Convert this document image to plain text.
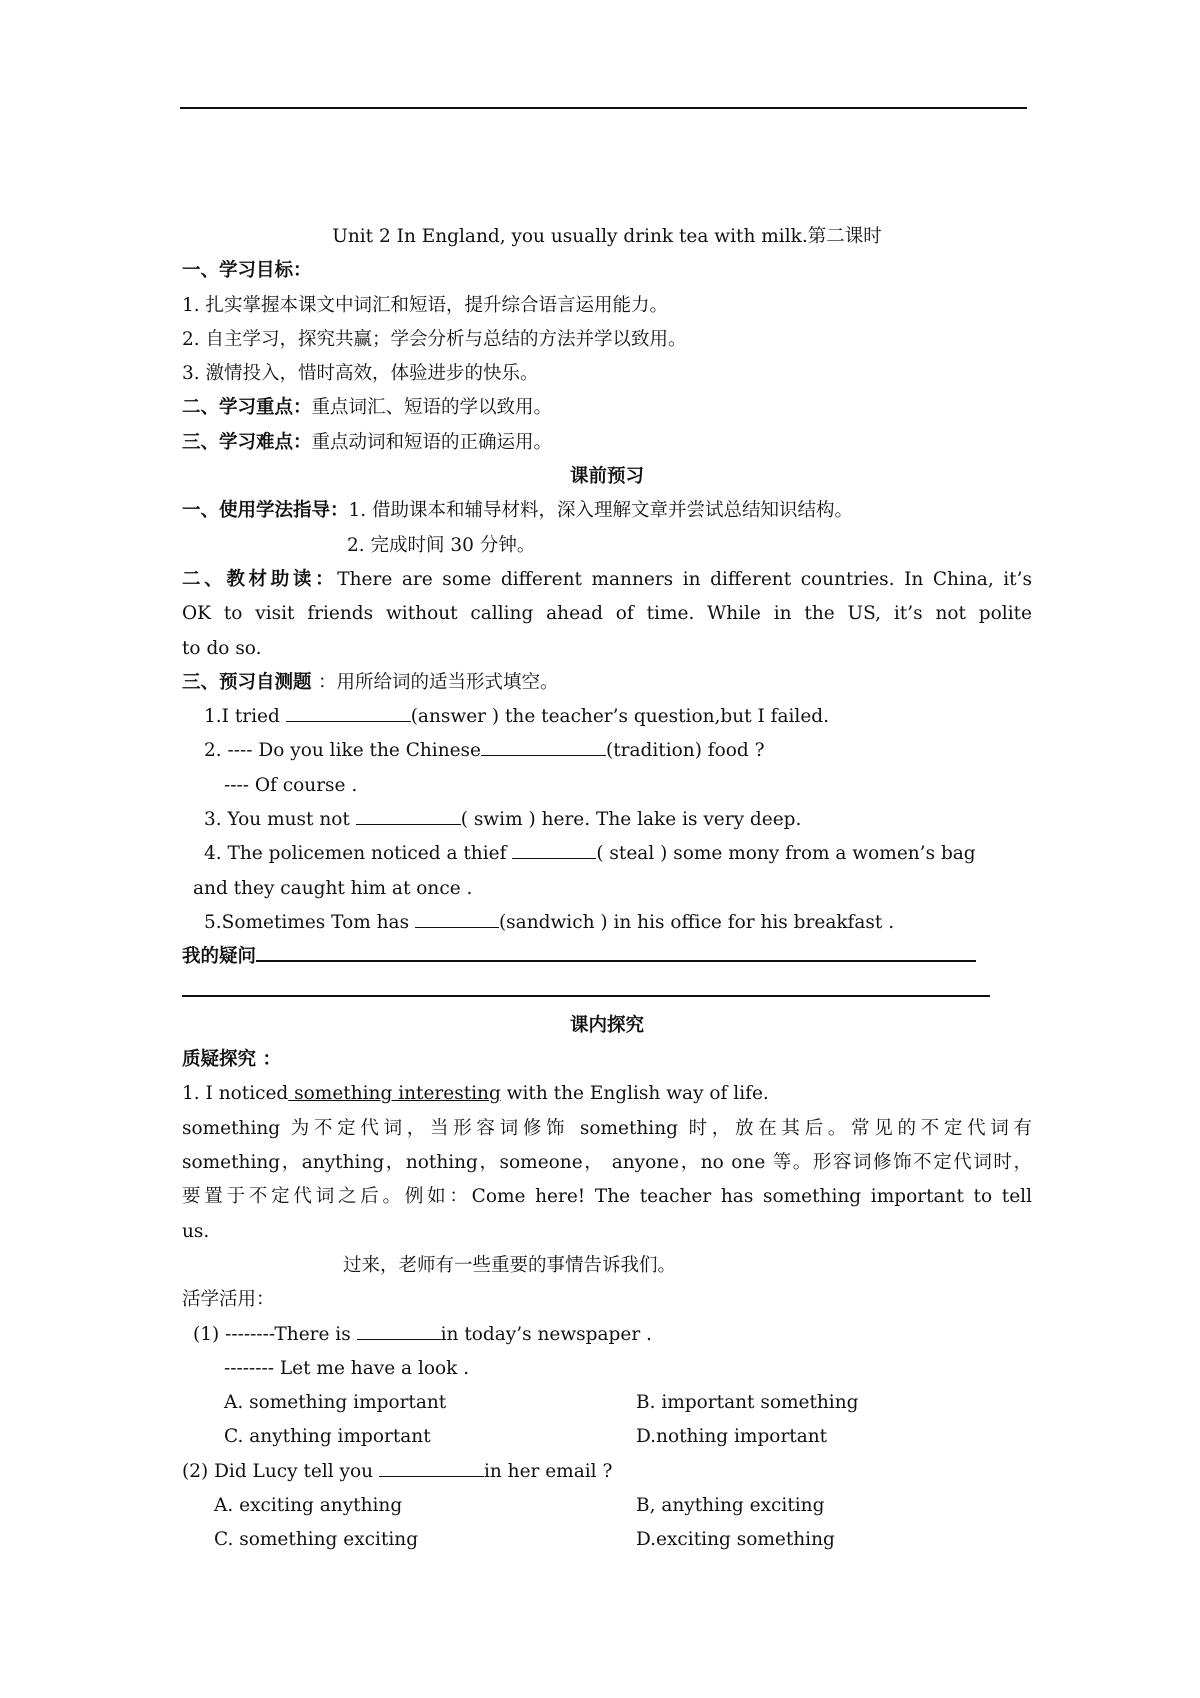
Unit 2 In England, you usually drink tea with milk.第二课时
一、学习目标：
1. 扎实掌握本课文中词汇和短语，提升综合语言运用能力。
2. 自主学习，探究共赢；学会分析与总结的方法并学以致用。
3. 激情投入，惜时高效，体验进步的快乐。
二、学习重点：重点词汇、短语的学以致用。
三、学习难点：重点动词和短语的正确运用。
课前预习
一、使用学法指导：1. 借助课本和辅导材料，深入理解文章并尝试总结知识结构。
2. 完成时间 30 分钟。
二、教材助读：There are some different manners in different countries. In China, it’s
OK to visit friends without calling ahead of time. While in the US, it’s not polite
to do so.
三、预习自测题 ：用所给词的适当形式填空。
1.I tried	(answer ) the teacher’s question,but I failed.
2. ---- Do you like the Chinese	(tradition) food ?
---- Of course .
3. You must not	( swim ) here. The lake is very deep.
4. The policemen noticed a thief	( steal ) some mony from a women’s bag
and they caught him at once .
5.Sometimes Tom has	(sandwich ) in his office for his breakfast .
我的疑问
课内探究
质疑探究 ：
1. I noticed something interesting with the English way of life.
something 为不定代词，当形容词修饰 something 时，放在其后。常见的不定代词有
something，anything，nothing，someone， anyone，no one 等。形容词修饰不定代词时，
要置于不定代词之后。例如：Come here! The teacher has something important to tell
us.
过来，老师有一些重要的事情告诉我们。
活学活用：
(1) --------There is	in today’s newspaper .
-------- Let me have a look .
A. something important	B. important something
C. anything important	D.nothing important
(2) Did Lucy tell you	in her email ?
A. exciting anything	B, anything exciting
C. something exciting	D.exciting something
